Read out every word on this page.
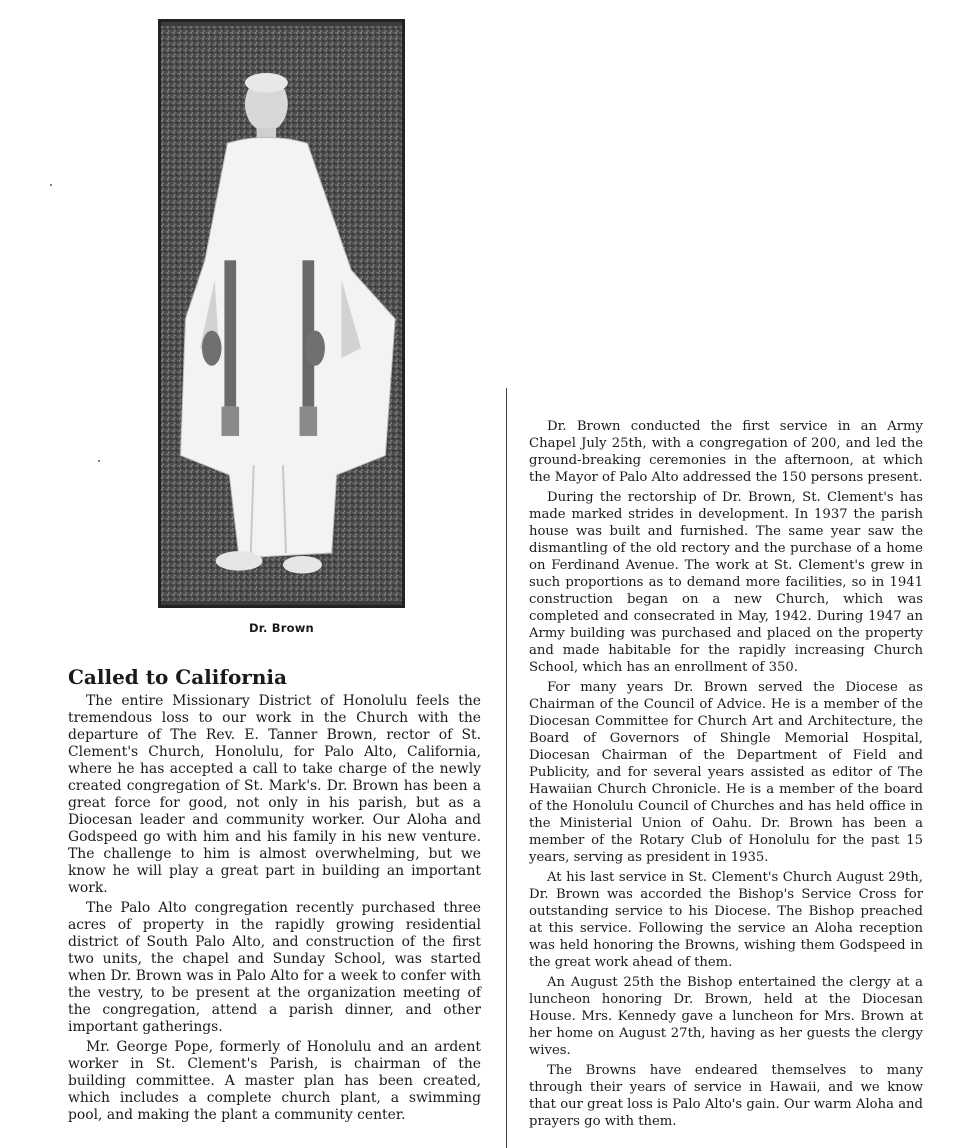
Dr. Brown
Called to California

The entire Missionary District of Honolulu feels the tremendous loss to our work in the Church with the departure of The Rev. E. Tanner Brown, rector of St. Clement's Church, Honolulu, for Palo Alto, California, where he has accepted a call to take charge of the newly created congregation of St. Mark's. Dr. Brown has been a great force for good, not only in his parish, but as a Diocesan leader and community worker. Our Aloha and Godspeed go with him and his family in his new venture. The challenge to him is almost overwhelming, but we know he will play a great part in building an important work.

The Palo Alto congregation recently purchased three acres of property in the rapidly growing residential district of South Palo Alto, and construction of the first two units, the chapel and Sunday School, was started when Dr. Brown was in Palo Alto for a week to confer with the vestry, to be present at the organization meeting of the congregation, attend a parish dinner, and other important gatherings.

Mr. George Pope, formerly of Honolulu and an ardent worker in St. Clement's Parish, is chairman of the building committee. A master plan has been created, which includes a complete church plant, a swimming pool, and making the plant a community center.

Dr. Brown conducted the first service in an Army Chapel July 25th, with a congregation of 200, and led the ground-breaking ceremonies in the afternoon, at which the Mayor of Palo Alto addressed the 150 persons present.

During the rectorship of Dr. Brown, St. Clement's has made marked strides in development. In 1937 the parish house was built and furnished. The same year saw the dismantling of the old rectory and the purchase of a home on Ferdinand Avenue. The work at St. Clement's grew in such proportions as to demand more facilities, so in 1941 construction began on a new Church, which was completed and consecrated in May, 1942. During 1947 an Army building was purchased and placed on the property and made habitable for the rapidly increasing Church School, which has an enrollment of 350.

For many years Dr. Brown served the Diocese as Chairman of the Council of Advice. He is a member of the Diocesan Committee for Church Art and Architecture, the Board of Governors of Shingle Memorial Hospital, Diocesan Chairman of the Department of Field and Publicity, and for several years assisted as editor of The Hawaiian Church Chronicle. He is a member of the board of the Honolulu Council of Churches and has held office in the Ministerial Union of Oahu. Dr. Brown has been a member of the Rotary Club of Honolulu for the past 15 years, serving as president in 1935.

At his last service in St. Clement's Church August 29th, Dr. Brown was accorded the Bishop's Service Cross for outstanding service to his Diocese. The Bishop preached at this service. Following the service an Aloha reception was held honoring the Browns, wishing them Godspeed in the great work ahead of them.

An August 25th the Bishop entertained the clergy at a luncheon honoring Dr. Brown, held at the Diocesan House. Mrs. Kennedy gave a luncheon for Mrs. Brown at her home on August 27th, having as her guests the clergy wives.

The Browns have endeared themselves to many through their years of service in Hawaii, and we know that our great loss is Palo Alto's gain. Our warm Aloha and prayers go with them.
